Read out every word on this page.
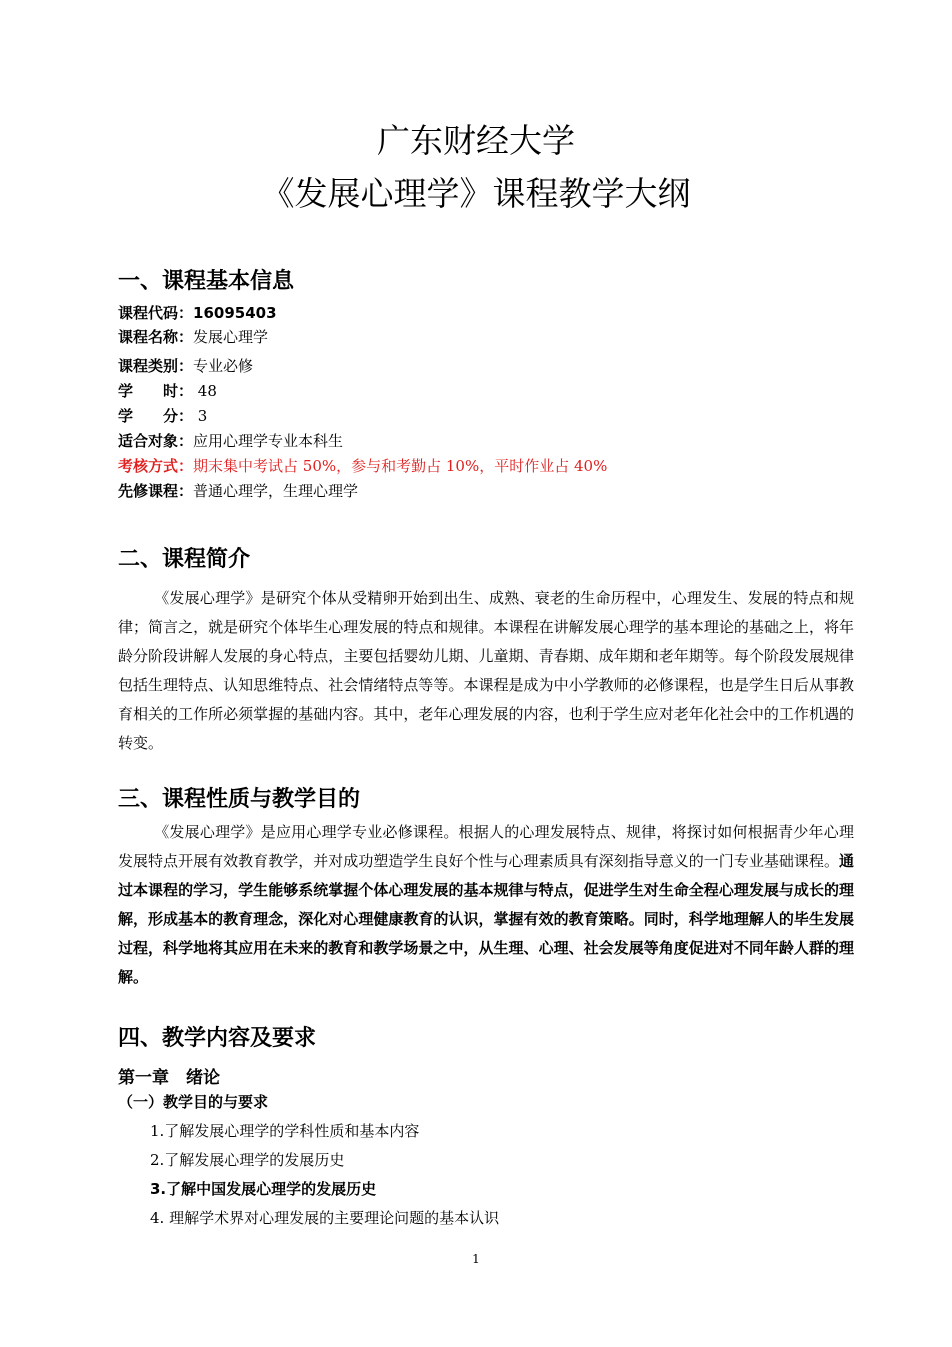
广东财经大学
《发展心理学》课程教学大纲
一、课程基本信息
课程代码：16095403
课程名称：发展心理学
课程类别：专业必修
学　　时： 48
学　　分： 3
适合对象：应用心理学专业本科生
考核方式：期末集中考试占 50%，参与和考勤占 10%，平时作业占 40%
先修课程：普通心理学，生理心理学
二、课程简介
《发展心理学》是研究个体从受精卵开始到出生、成熟、衰老的生命历程中，心理发生、发展的特点和规律；简言之，就是研究个体毕生心理发展的特点和规律。本课程在讲解发展心理学的基本理论的基础之上，将年龄分阶段讲解人发展的身心特点，主要包括婴幼儿期、儿童期、青春期、成年期和老年期等。每个阶段发展规律包括生理特点、认知思维特点、社会情绪特点等等。本课程是成为中小学教师的必修课程，也是学生日后从事教育相关的工作所必须掌握的基础内容。其中，老年心理发展的内容，也利于学生应对老年化社会中的工作机遇的转变。
三、课程性质与教学目的
《发展心理学》是应用心理学专业必修课程。根据人的心理发展特点、规律，将探讨如何根据青少年心理发展特点开展有效教育教学，并对成功塑造学生良好个性与心理素质具有深刻指导意义的一门专业基础课程。通过本课程的学习，学生能够系统掌握个体心理发展的基本规律与特点，促进学生对生命全程心理发展与成长的理解，形成基本的教育理念，深化对心理健康教育的认识，掌握有效的教育策略。同时，科学地理解人的毕生发展过程，科学地将其应用在未来的教育和教学场景之中，从生理、心理、社会发展等角度促进对不同年龄人群的理解。
四、教学内容及要求
第一章　绪论
（一）教学目的与要求
1.了解发展心理学的学科性质和基本内容
2.了解发展心理学的发展历史
3.了解中国发展心理学的发展历史
4. 理解学术界对心理发展的主要理论问题的基本认识
1
